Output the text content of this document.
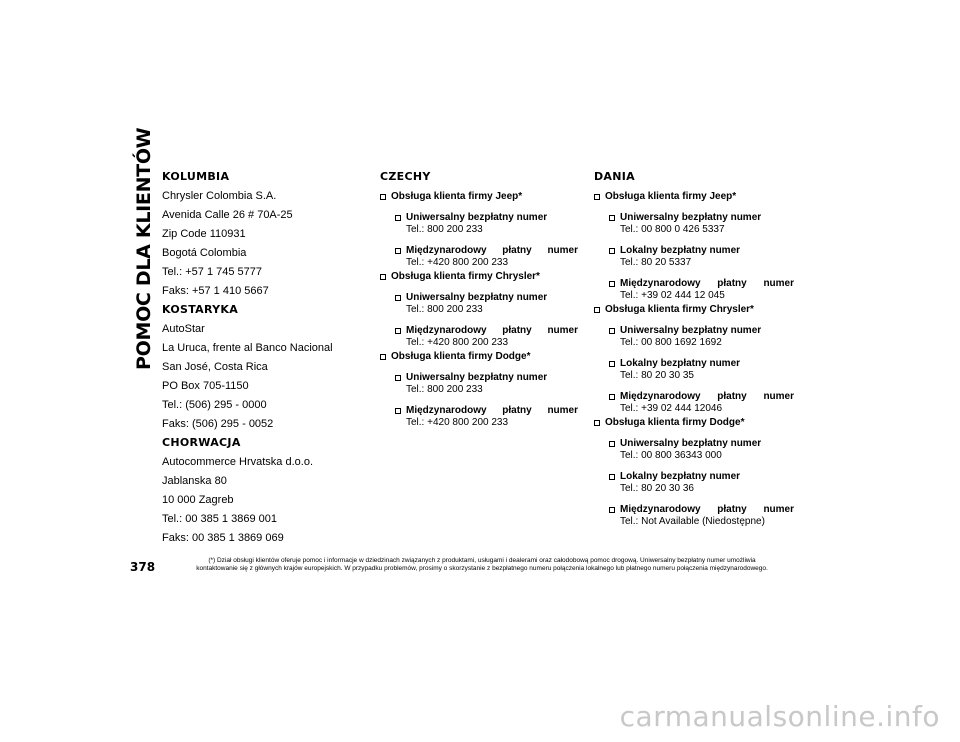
POMOC DLA KLIENTÓW KOLUMBIA
Chrysler Colombia S.A.
Avenida Calle 26 # 70A-25
Zip Code 110931
Bogotá Colombia
Tel.: +57 1 745 5777
Faks: +57 1 410 5667
KOSTARYKA
AutoStar
La Uruca, frente al Banco Nacional
San José, Costa Rica
PO Box 705-1150
Tel.: (506) 295 - 0000
Faks: (506) 295 - 0052
CHORWACJA
Autocommerce Hrvatska d.o.o.
Jablanska 80
10 000 Zagreb
Tel.: 00 385 1 3869 001
Faks: 00 385 1 3869 069
CZECHY
Obsługa klienta firmy Jeep*
Uniwersalny bezpłatny numer
Tel.: 800 200 233
Międzynarodowy płatny numer
Tel.: +420 800 200 233
Obsługa klienta firmy Chrysler*
Uniwersalny bezpłatny numer
Tel.: 800 200 233
Międzynarodowy płatny numer
Tel.: +420 800 200 233
Obsługa klienta firmy Dodge*
Uniwersalny bezpłatny numer
Tel.: 800 200 233
Międzynarodowy płatny numer
Tel.: +420 800 200 233
DANIA
Obsługa klienta firmy Jeep*
Uniwersalny bezpłatny numer
Tel.: 00 800 0 426 5337
Lokalny bezpłatny numer
Tel.: 80 20 5337
Międzynarodowy płatny numer
Tel.: +39 02 444 12 045
Obsługa klienta firmy Chrysler*
Uniwersalny bezpłatny numer
Tel.: 00 800 1692 1692
Lokalny bezpłatny numer
Tel.: 80 20 30 35
Międzynarodowy płatny numer
Tel.: +39 02 444 12046
Obsługa klienta firmy Dodge*
Uniwersalny bezpłatny numer
Tel.: 00 800 36343 000
Lokalny bezpłatny numer
Tel.: 80 20 30 36
Międzynarodowy płatny numer
Tel.: Not Available (Niedostępne)
378	(*) Dział obsługi klientów oferuje pomoc i informacje w dziedzinach związanych z produktami, usługami i dealerami oraz całodobową pomoc drogową. Uniwersalny bezpłatny numer umożliwia
kontaktowanie się z głównych krajów europejskich. W przypadku problemów, prosimy o skorzystanie z bezpłatnego numeru połączenia lokalnego lub płatnego numeru połączenia międzynarodowego.
carmanualsonline.info
